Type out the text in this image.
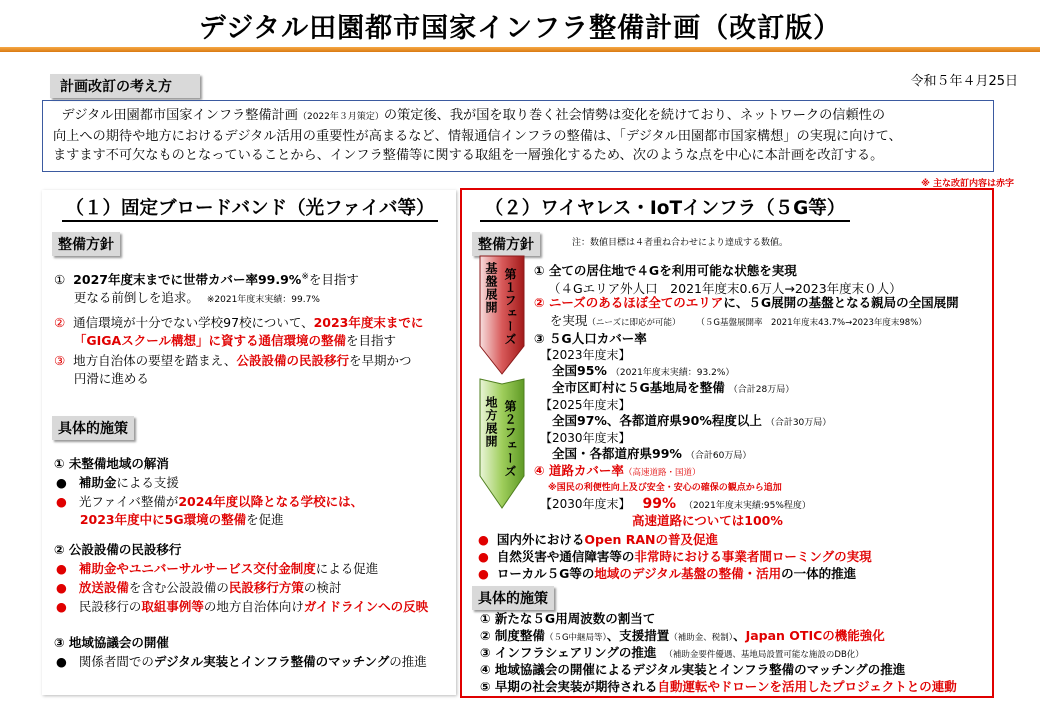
デジタル田園都市国家インフラ整備計画（改訂版）
令和５年４月25日
計画改訂の考え方
デジタル田園都市国家インフラ整備計画（2022年３月策定）の策定後、我が国を取り巻く社会情勢は変化を続けており、ネットワークの信頼性の
向上への期待や地方におけるデジタル活用の重要性が高まるなど、情報通信インフラの整備は、「デジタル田園都市国家構想」の実現に向けて、
ますます不可欠なものとなっていることから、インフラ整備等に関する取組を一層強化するため、次のような点を中心に本計画を改訂する。
※ 主な改訂内容は赤字
（１）固定ブロードバンド（光ファイバ等）
整備方針
① 2027年度末までに世帯カバー率99.9%※を目指す
更なる前倒しを追求。 ※2021年度末実績：99.7%
② 通信環境が十分でない学校97校について、2023年度末までに
「GIGAスクール構想」に資する通信環境の整備を目指す
③ 地方自治体の要望を踏まえ、公設設備の民設移行を早期かつ
円滑に進める
具体的施策
① 未整備地域の解消
●   補助金による支援
● 光ファイバ整備が2024年度以降となる学校には、
2023年度中に5G環境の整備を促進
② 公設設備の民設移行
● 補助金やユニバーサルサービス交付金制度による促進
● 放送設備を含む公設設備の民設移行方策の検討
● 民設移行の取組事例等の地方自治体向けガイドラインへの反映
③ 地域協議会の開催
●   関係者間でのデジタル実装とインフラ整備のマッチングの推進
（２）ワイヤレス・IoTインフラ（５G等）
整備方針	注：数値目標は４者重ね合わせにより達成する数値。
基盤展開 第１フェーズ
地方展開 第２フェーズ
① 全ての居住地で４Gを利用可能な状態を実現
（４Gエリア外人口　2021年度末0.6万人→2023年度末０人）
② ニーズのあるほぼ全てのエリアに、５G展開の基盤となる親局の全国展開
を実現（ニーズに即応が可能） （５G基盤展開率　2021年度末43.7%→2023年度末98%）
③ ５G人口カバー率
【2023年度末】
全国95% （2021年度末実績：93.2%）
全市区町村に５G基地局を整備 （合計28万局）
【2025年度末】
全国97%、各都道府県90%程度以上 （合計30万局）
【2030年度末】
全国・各都道府県99% （合計60万局）
④ 道路カバー率（高速道路・国道）
※国民の利便性向上及び安全・安心の確保の観点から追加
【2030年度末】 99% （2021年度末実績:95%程度）
高速道路については100%
● 国内外におけるOpen RANの普及促進
● 自然災害や通信障害等の非常時における事業者間ローミングの実現
● ローカル５G等の地域のデジタル基盤の整備・活用の一体的推進
具体的施策
① 新たな５G用周波数の割当て
② 制度整備（５G中継局等）、支援措置（補助金、税制）、Japan OTICの機能強化
③ インフラシェアリングの推進 （補助金要件優遇、基地局設置可能な施設のDB化）
④ 地域協議会の開催によるデジタル実装とインフラ整備のマッチングの推進
⑤ 早期の社会実装が期待される自動運転やドローンを活用したプロジェクトとの連動
